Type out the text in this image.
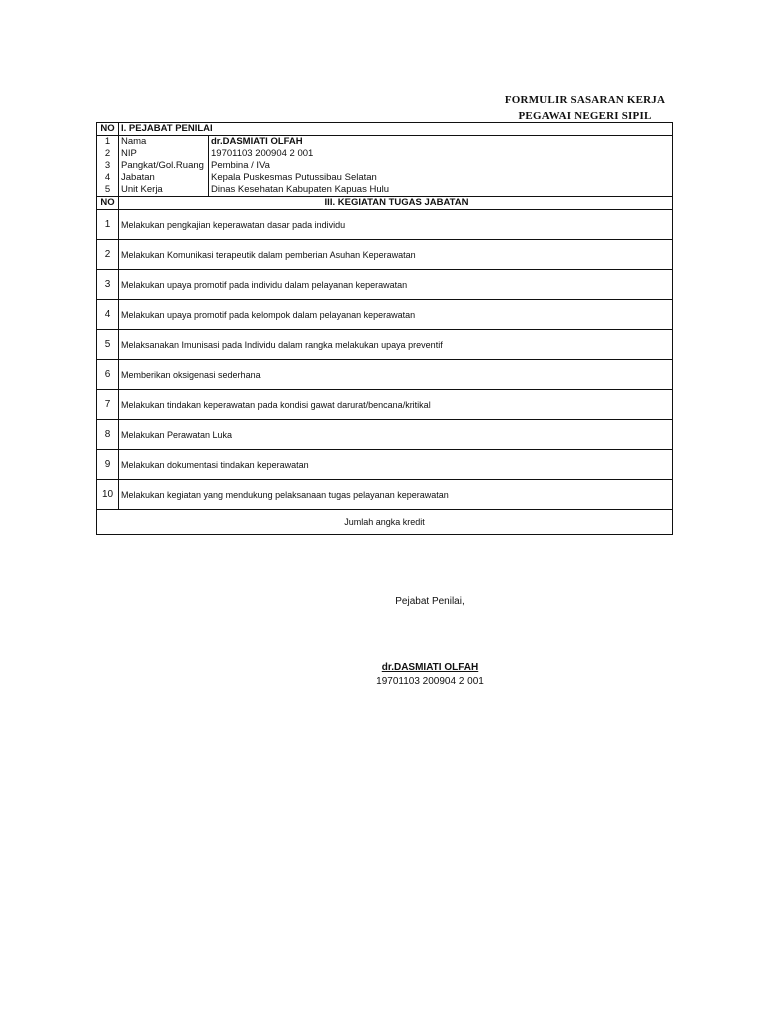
FORMULIR SASARAN KERJA
PEGAWAI NEGERI SIPIL
NO	I. PEJABAT PENILAI	
1	Nama	dr.DASMIATI OLFAH
2	NIP	19701103 200904 2 001
3	Pangkat/Gol.Ruang	Pembina / IVa
4	Jabatan	Kepala Puskesmas Putussibau Selatan
5	Unit Kerja	Dinas Kesehatan Kabupaten Kapuas Hulu
NO	III. KEGIATAN TUGAS JABATAN	
1	Melakukan pengkajian keperawatan dasar pada individu	
2	Melakukan Komunikasi terapeutik dalam pemberian Asuhan Keperawatan	
3	Melakukan upaya promotif pada individu dalam pelayanan keperawatan	
4	Melakukan upaya promotif pada kelompok dalam pelayanan keperawatan	
5	Melaksanakan Imunisasi pada Individu dalam rangka melakukan upaya preventif	
6	Memberikan oksigenasi sederhana	
7	Melakukan tindakan keperawatan pada kondisi gawat darurat/bencana/kritikal	
8	Melakukan Perawatan Luka	
9	Melakukan dokumentasi tindakan keperawatan	
10	Melakukan kegiatan yang mendukung pelaksanaan tugas pelayanan keperawatan	
Jumlah angka kredit		
Pejabat Penilai,
dr.DASMIATI OLFAH
19701103 200904 2 001
